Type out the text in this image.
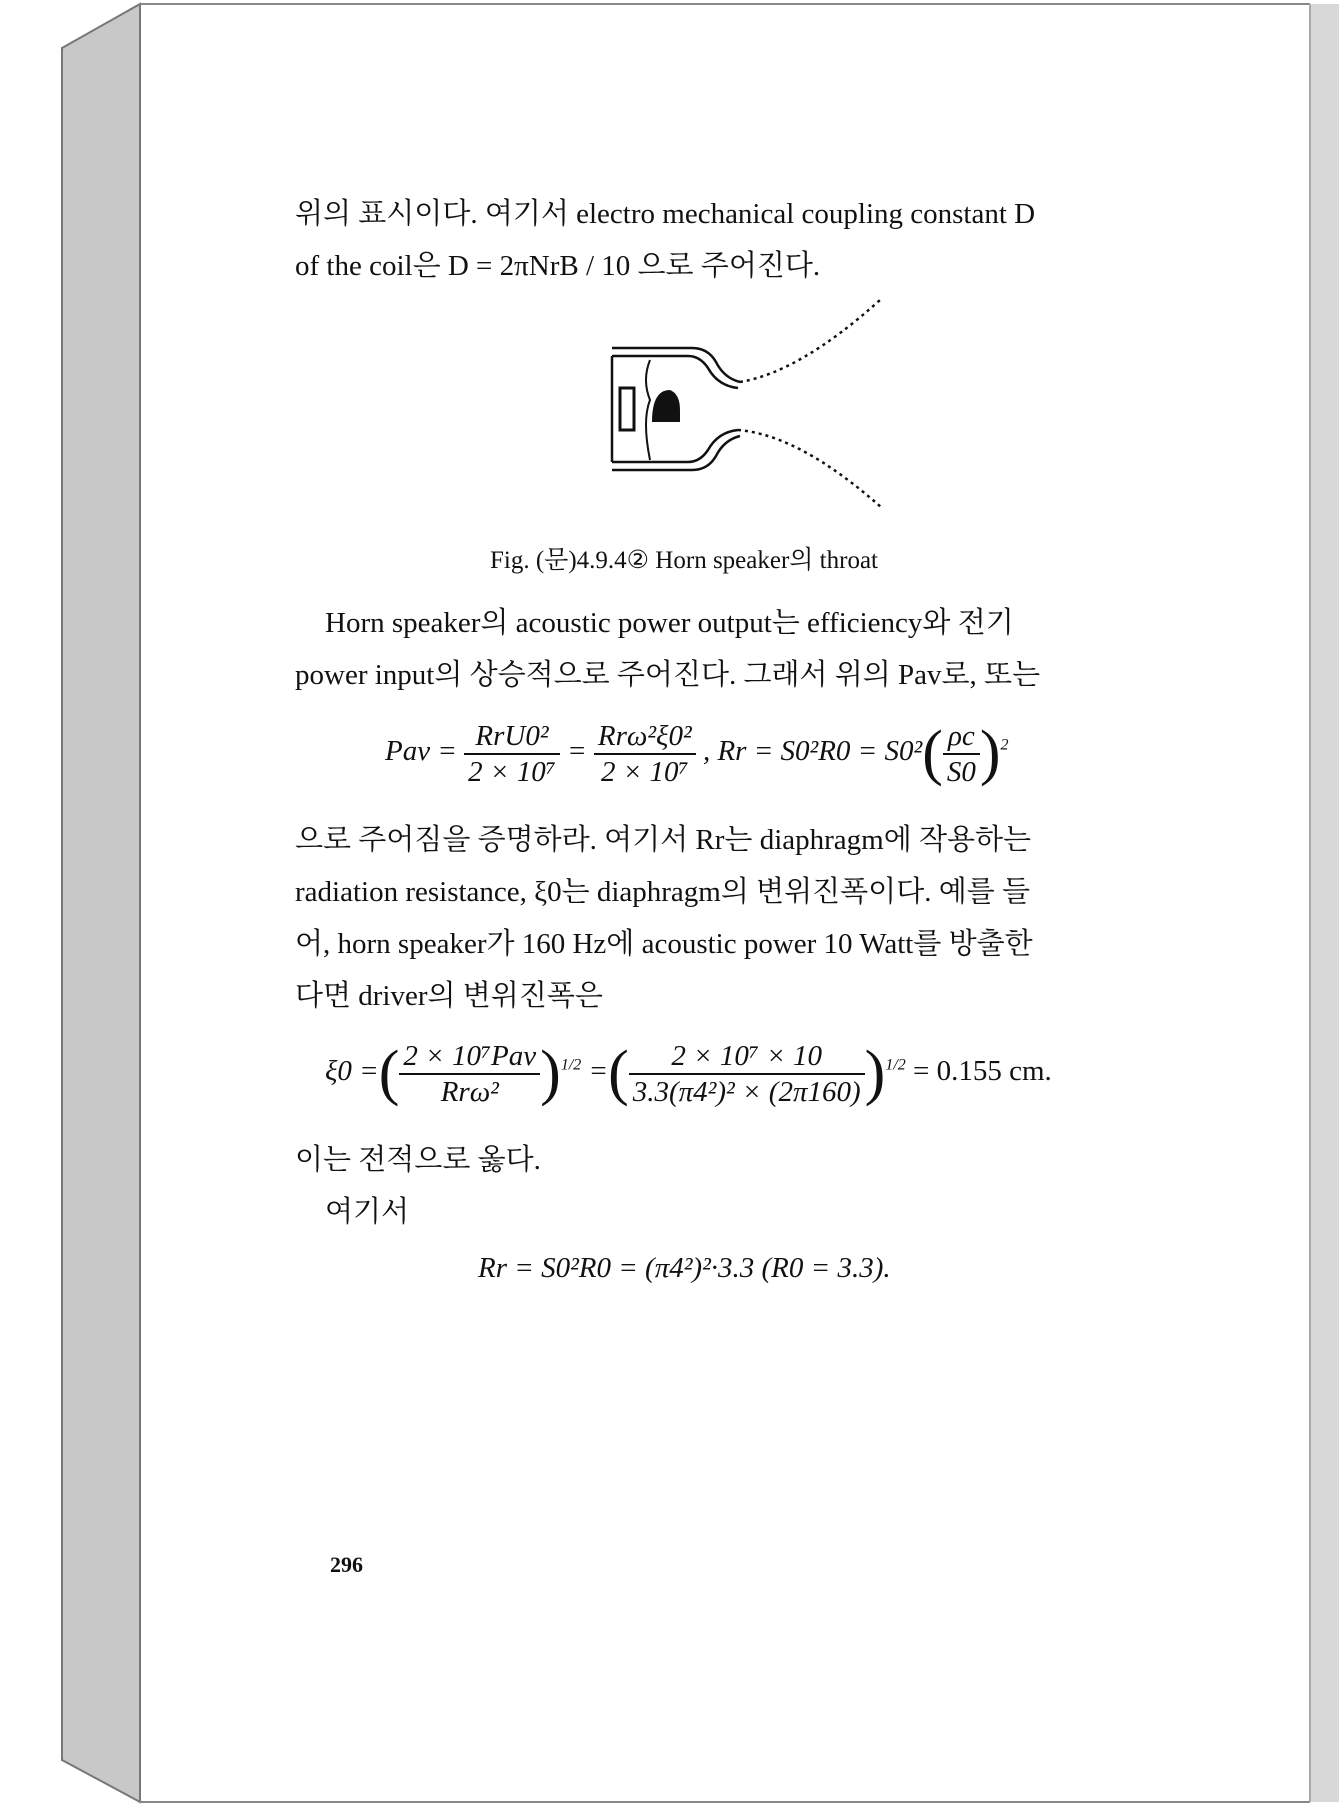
위의 표시이다. 여기서 electro mechanical coupling constant D
of the coil은 D = 2πNrB / 10 으로 주어진다.
Fig. (문)4.9.4② Horn speaker의 throat
Horn speaker의 acoustic power output는 efficiency와 전기
power input의 상승적으로 주어진다. 그래서 위의 Pav로, 또는
Pav = $\frac{\text{RrU0²}}{\text{2 × 10⁷}} = \frac{\text{Rrω²ξ0²}}{\text{2 × 10⁷}}$ , $Rr = S0^2R0 = S0^2( \frac{\rho c}{S0} )^2$
으로 주어짐을 증명하라. 여기서 Rr는 diaphragm에 작용하는
radiation resistance, ξ0는 diaphragm의 변위진폭이다. 예를 들
어, horn speaker가 160 Hz에 acoustic power 10 Watt를 방출한
다면 driver의 변위진폭은
ξ0 =( $\frac{\text{2 × 10⁷Pav}}{\text{Rrω²}} )^{1/2}$ =( $\frac{\text{2 × 10⁷ × 10}}{\text{3.3(π4²)² × (2π160)}} )^{1/2} = 0.155$ cm.
이는 전적으로 옳다.
여기서
Rr = S0²R0 = (π4²)²·3.3 (R0 = 3.3).
296
